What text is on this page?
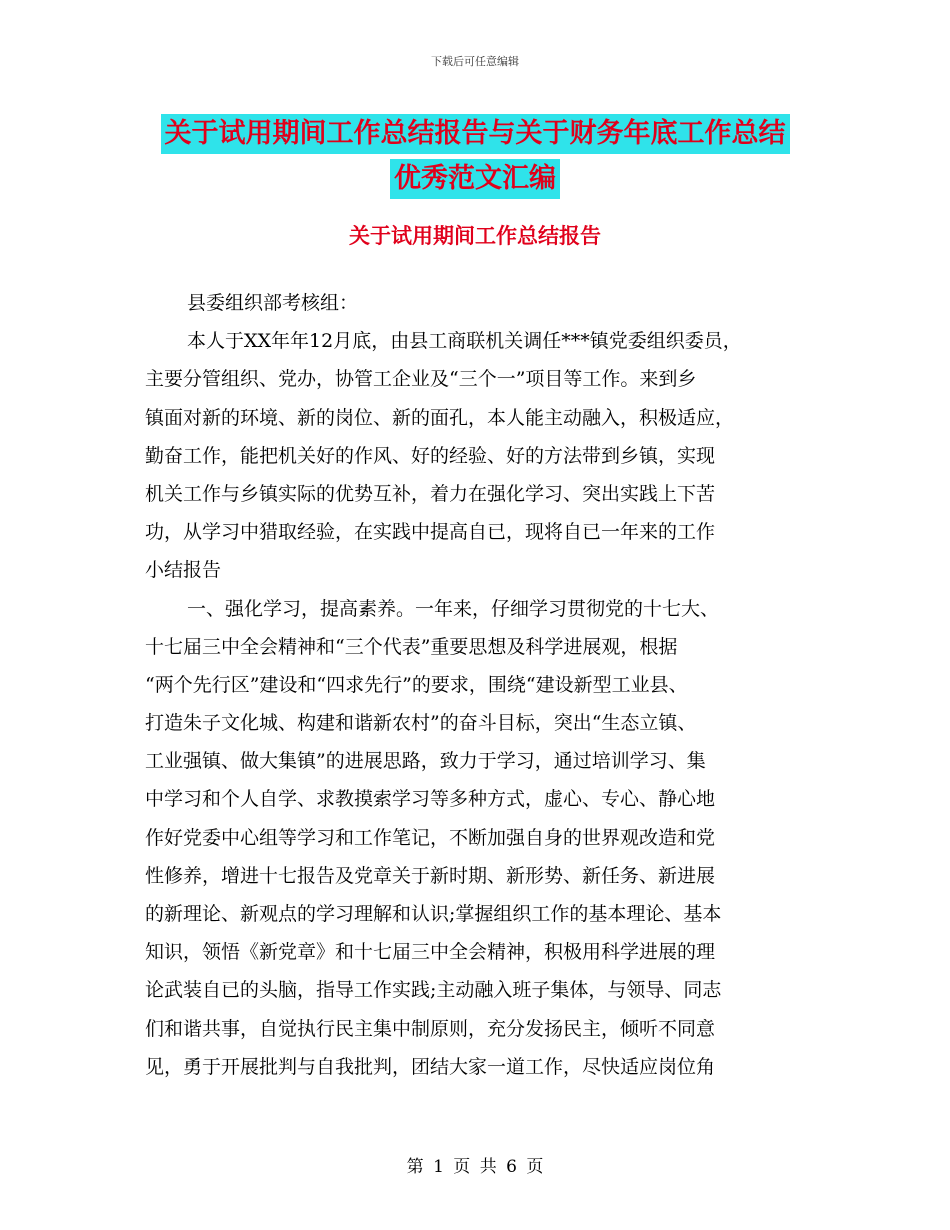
下载后可任意编辑
关于试用期间工作总结报告与关于财务年底工作总结
优秀范文汇编
关于试用期间工作总结报告
县委组织部考核组：
本人于XX年年12月底，由县工商联机关调任***镇党委组织委员，
主要分管组织、党办，协管工企业及“三个一”项目等工作。来到乡
镇面对新的环境、新的岗位、新的面孔，本人能主动融入，积极适应，
勤奋工作，能把机关好的作风、好的经验、好的方法带到乡镇，实现
机关工作与乡镇实际的优势互补，着力在强化学习、突出实践上下苦
功，从学习中猎取经验，在实践中提高自已，现将自已一年来的工作
小结报告
一、强化学习，提高素养。一年来，仔细学习贯彻党的十七大、
十七届三中全会精神和“三个代表”重要思想及科学进展观，根据
“两个先行区”建设和“四求先行”的要求，围绕“建设新型工业县、
打造朱子文化城、构建和谐新农村”的奋斗目标，突出“生态立镇、
工业强镇、做大集镇”的进展思路，致力于学习，通过培训学习、集
中学习和个人自学、求教摸索学习等多种方式，虚心、专心、静心地
作好党委中心组等学习和工作笔记，不断加强自身的世界观改造和党
性修养，增进十七报告及党章关于新时期、新形势、新任务、新进展
的新理论、新观点的学习理解和认识;掌握组织工作的基本理论、基本
知识，领悟《新党章》和十七届三中全会精神，积极用科学进展的理
论武装自已的头脑，指导工作实践;主动融入班子集体，与领导、同志
们和谐共事，自觉执行民主集中制原则，充分发扬民主，倾听不同意
见，勇于开展批判与自我批判，团结大家一道工作，尽快适应岗位角
第 1 页 共 6 页
